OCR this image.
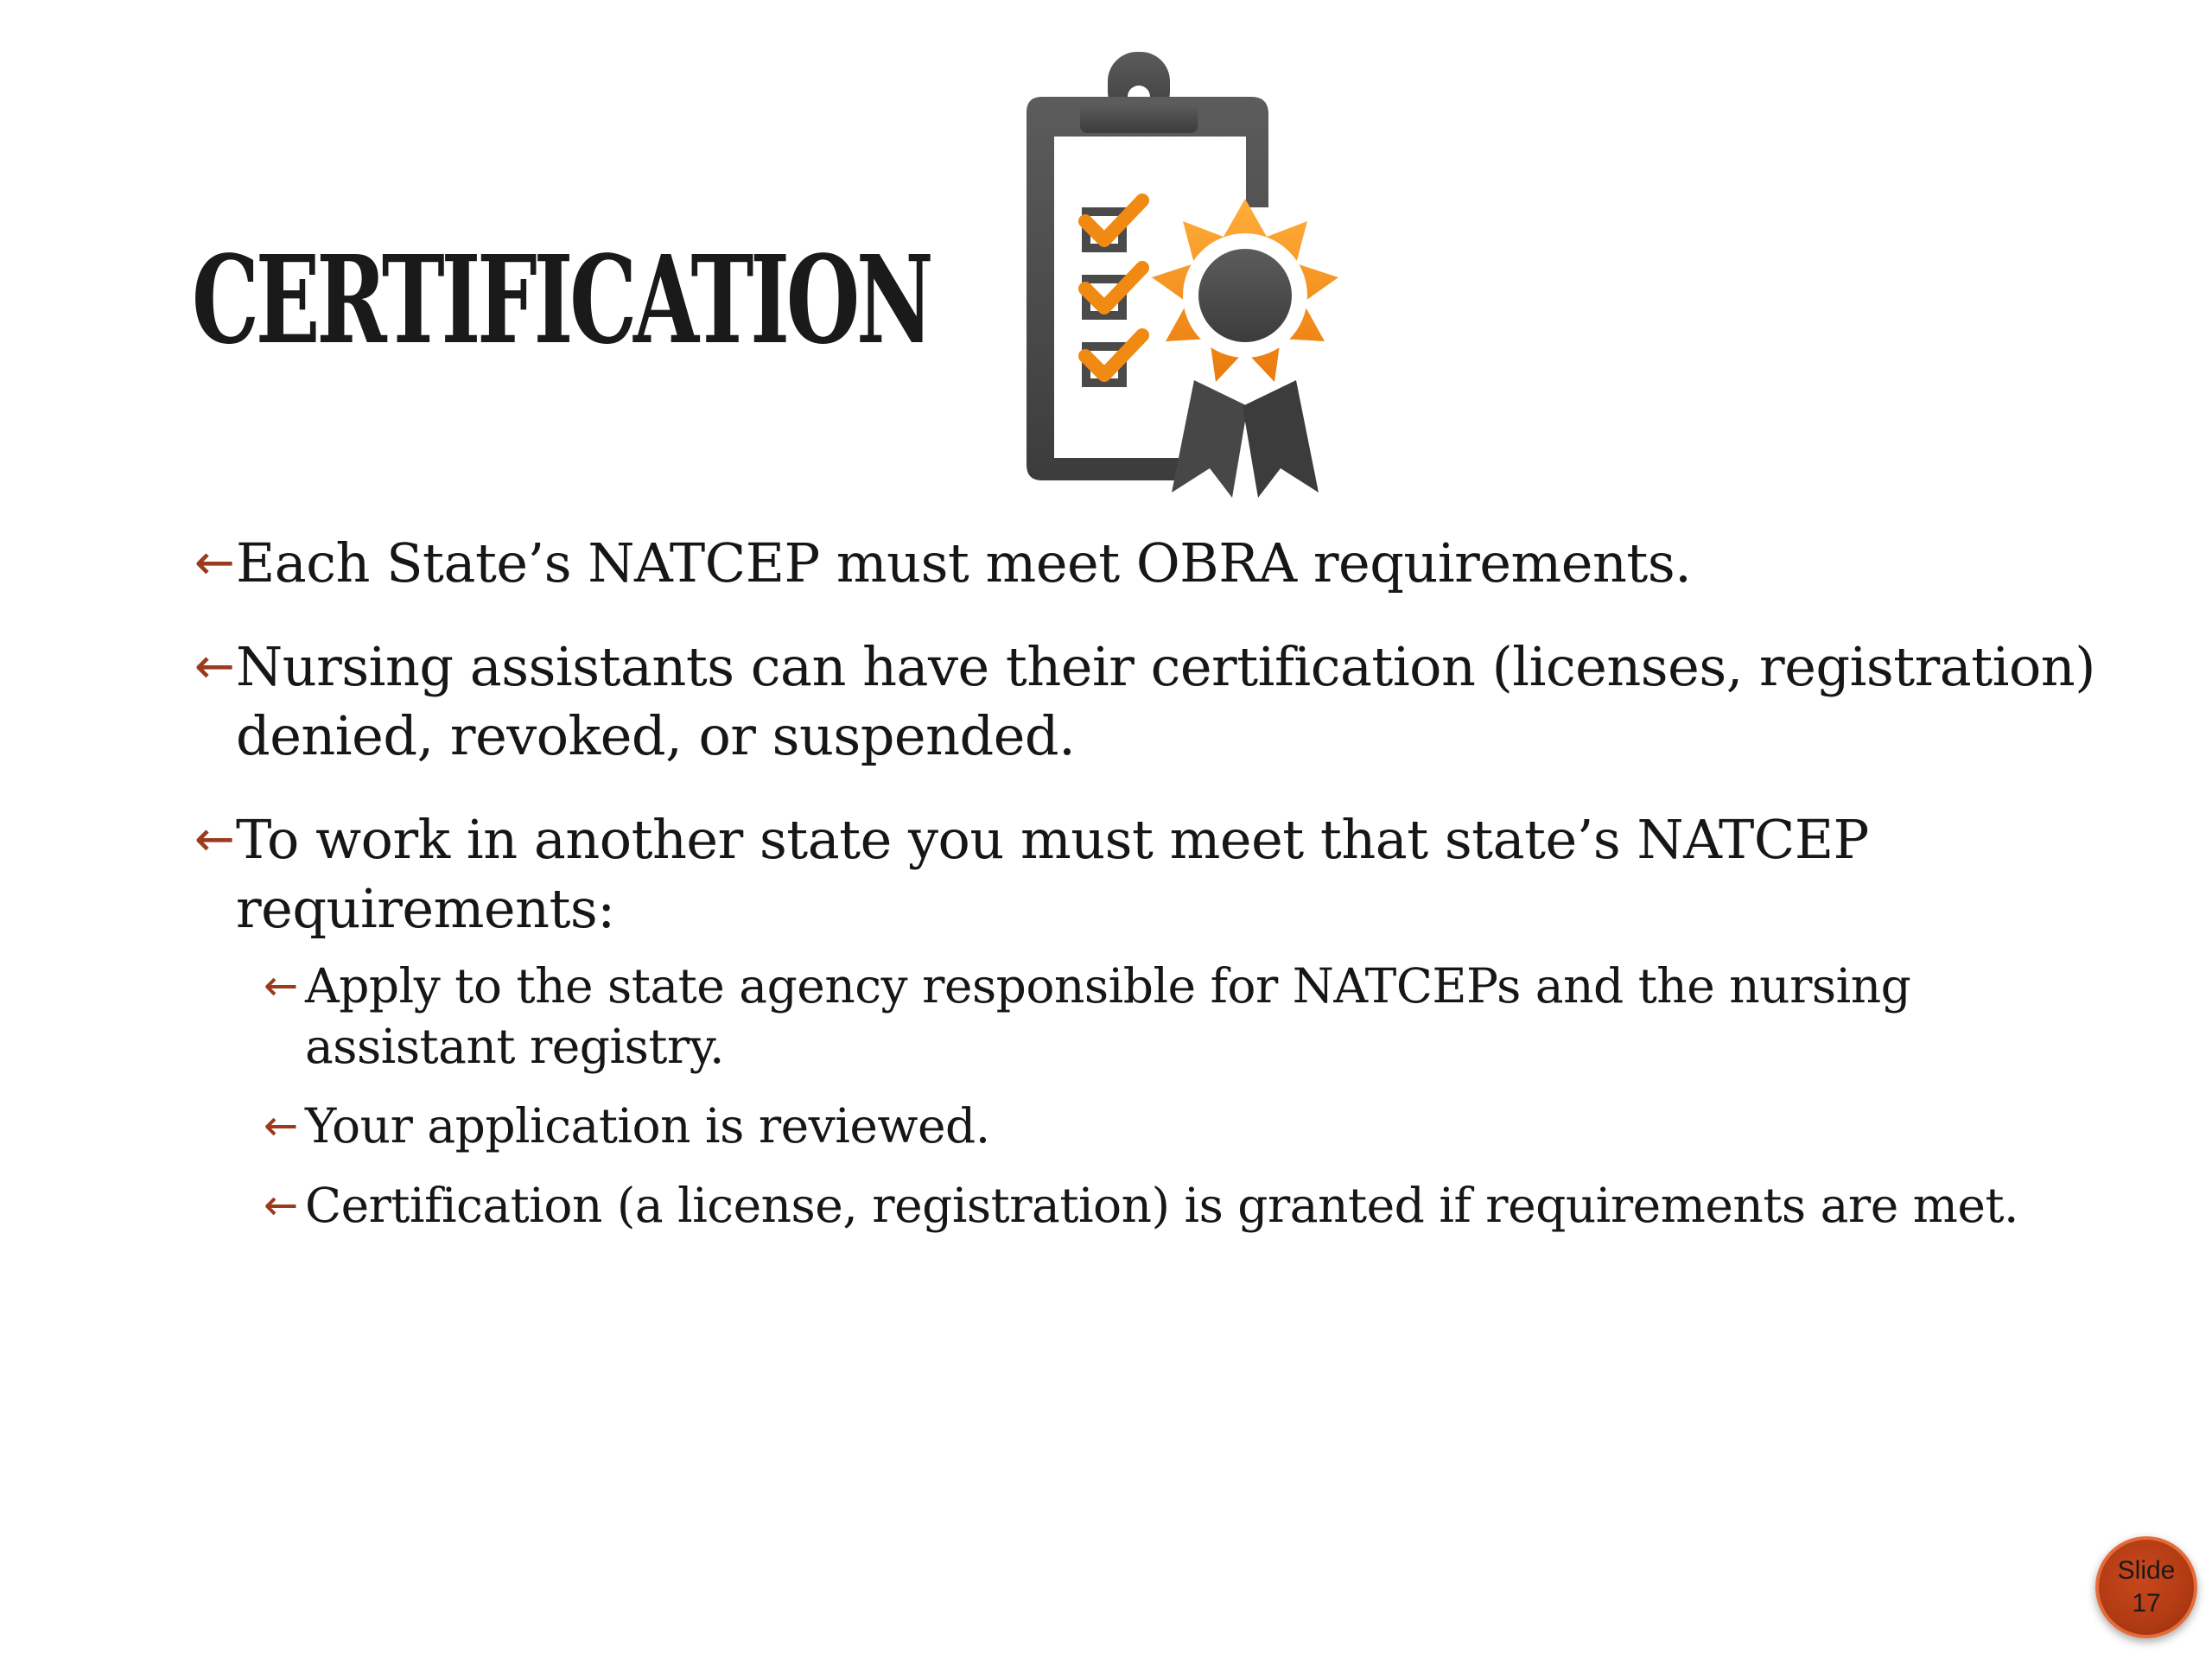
CERTIFICATION
← Each State’s NATCEP must meet OBRA requirements.
← Nursing assistants can have their certification (licenses, registration) denied, revoked, or suspended.
← To work in another state you must meet that state’s NATCEP requirements:
← Apply to the state agency responsible for NATCEPs and the nursing assistant registry.
← Your application is reviewed.
← Certification (a license, registration) is granted if requirements are met.
Slide
17
